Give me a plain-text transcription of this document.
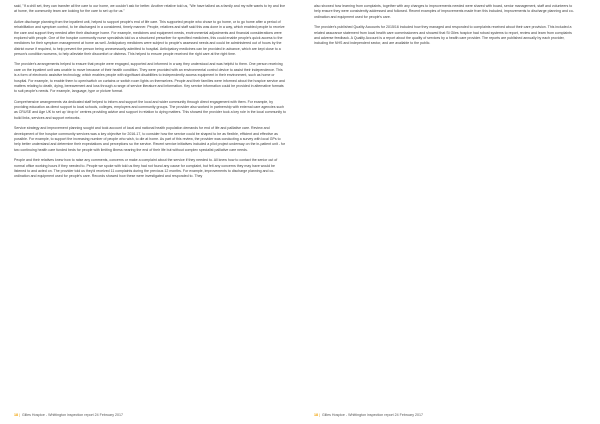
said, "If a chill set, they can transfer all the care to our home, we couldn't ask for better. Another relative told us, "We have talked as a family and my wife wants to try and live at home, the community team are looking for the care to set up for us."

Active discharge planning from the inpatient unit, helped to support people's end of life care. This supported people who chose to go home, or to go home after a period of rehabilitation and symptom control, to be discharged in a considered, timely manner. People, relatives and staff said this was done in a way, which enabled people to receive the care and support they needed after their discharge home. For example, medicines and equipment needs, environmental adjustments and financial considerations were explored with people. One of the hospice community nurse specialists told us a structured prescriber for specified medicines, this could enable people's quick access to the medicines for their symptom management at home as well. Anticipatory medicines were subject to people's assessed needs and could be administered out of hours by the district nurse if required, to help prevent the person being unnecessarily admitted to hospital. Anticipatory medicines can be provided in advance, which are kept close to a person's condition worsens, to help alleviate their discomfort or distress. This helped to ensure people received the right care at the right time.

The provider's arrangements helped to ensure that people were engaged, supported and informed in a way they understood and was helpful to them. One person receiving care on the inpatient unit was unable to move because of their health condition. They were provided with an environmental control device to assist their independence. This is a form of electronic assistive technology, which enables people with significant disabilities to independently access equipment in their environment, such as home or hospital. For example, to enable them to open/switch on curtains or switch room lights on themselves. People and their families were informed about the hospice service and matters relating to death, dying, bereavement and loss through a range of service literature and information. Key service information could be provided in alternative formats to suit people's needs. For example, language, type or picture format.

Comprehensive arrangements via dedicated staff helped to inform and support the local and wider community through direct engagement with them. For example, by providing education as direct support to local schools, colleges, employers and community groups. The provider also worked in partnership with external care agencies such as CRUSE and Age UK to set up 'drop in' centres providing advice and support in relation to dying matters. This showed the provider took a key role in the local community to build links, services and support networks.

Service strategy and improvement planning sought and took account of local and national health population demands for end of life and palliative care. Review and development of the hospice community services was a key objective for 2016-17, to consider how the service could be shaped to be as flexible, efficient and effective as possible. For example, to support the increasing number of people who wish, to die at home. As part of this review, the provider was conducting a survey with local GPs to help better understand and determine their expectations and perceptions so the service. Recent service initiatives included a pilot project underway on the in-patient unit - for two continuing health care funded beds for people with limiting illness nearing the end of their life but without complex specialist palliative care needs.

People and their relatives knew how to raise any comments, concerns or make a complaint about the service if they needed to. All knew how to contact the senior out of normal office working hours if they needed to. People we spoke with told us they had not found any cause for complaint, but felt any concerns they may have would be listened to and acted on. The provider told us they'd received 11 complaints during the previous 12 months. For example, improvements to discharge planning and co-ordination and equipment used for people's care. Records showed how these were investigated and responded to. They

18 | Gilles Hospice - Whittington inspection report 24 February 2017

also showed how learning from complaints, together with any changes to improvements needed were shared with board, senior management, staff and volunteers to help ensure they were consistently addressed and followed. Recent examples of improvements made from this included, improvements to discharge planning and co-ordination and equipment used for people's care.

The provider's published Quality Accounts for 2015/16 included how they managed and responded to complaints received about their care provision. This included a related assurance statement from local health care commissioners and showed that St Giles hospice had robust systems to report, review and learn from complaints and adverse feedback. A Quality Account is a report about the quality of services by a health care provider. The reports are published annually by each provider, including the NHS and independent sector, and are available to the public.

18 | Gilles Hospice - Whittington inspection report 24 February 2017
